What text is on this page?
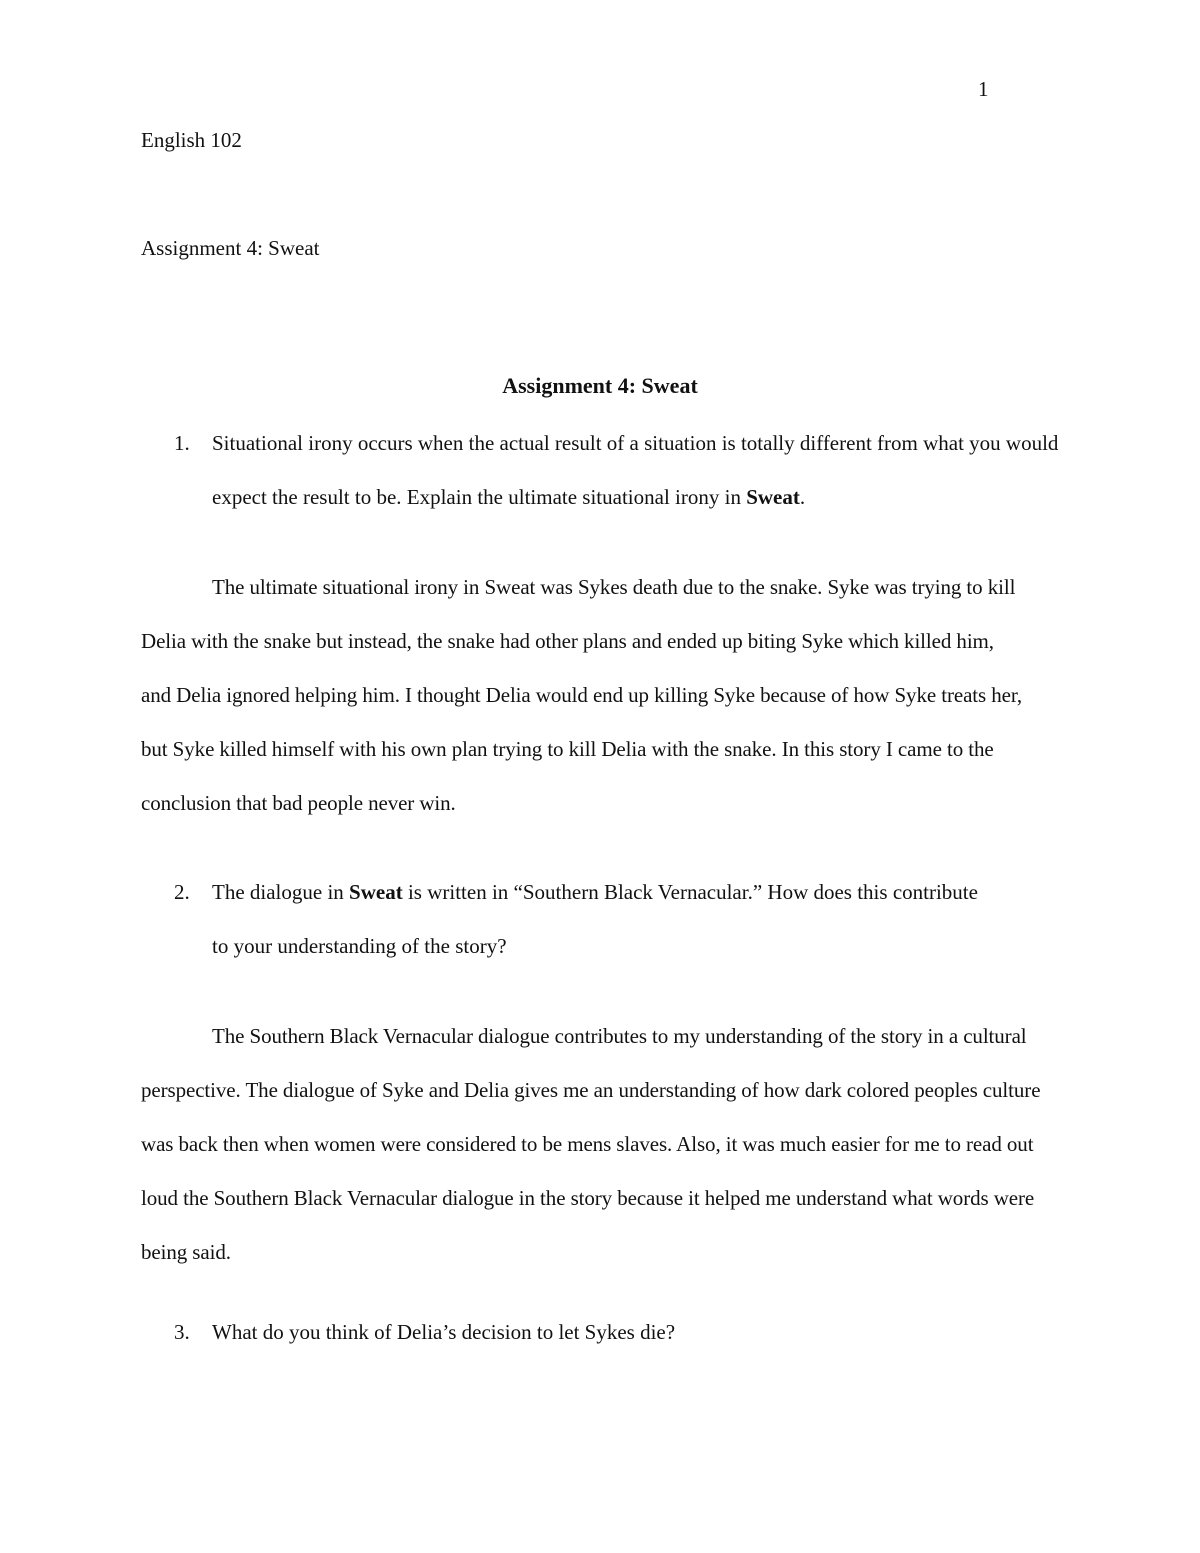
1
English 102
Assignment 4: Sweat
Assignment 4: Sweat
1. Situational irony occurs when the actual result of a situation is totally different from what you would expect the result to be. Explain the ultimate situational irony in Sweat.

The ultimate situational irony in Sweat was Sykes death due to the snake. Syke was trying to kill Delia with the snake but instead, the snake had other plans and ended up biting Syke which killed him, and Delia ignored helping him. I thought Delia would end up killing Syke because of how Syke treats her, but Syke killed himself with his own plan trying to kill Delia with the snake. In this story I came to the conclusion that bad people never win.

2. The dialogue in Sweat is written in “Southern Black Vernacular.” How does this contribute to your understanding of the story?

The Southern Black Vernacular dialogue contributes to my understanding of the story in a cultural perspective. The dialogue of Syke and Delia gives me an understanding of how dark colored peoples culture was back then when women were considered to be mens slaves. Also, it was much easier for me to read out loud the Southern Black Vernacular dialogue in the story because it helped me understand what words were being said.

3. What do you think of Delia’s decision to let Sykes die?
